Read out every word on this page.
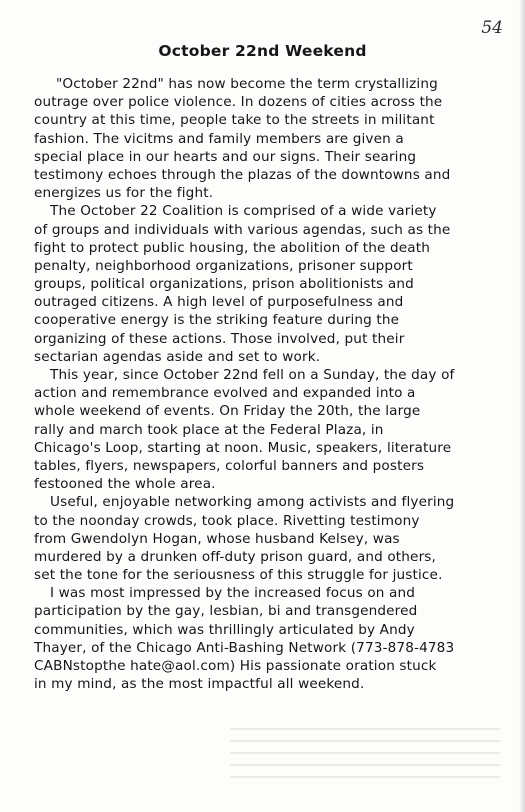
54
October 22nd Weekend
"October 22nd" has now become the term crystallizing
outrage over police violence. In dozens of cities across the
country at this time, people take to the streets in militant
fashion. The vicitms and family members are given a
special place in our hearts and our signs. Their searing
testimony echoes through the plazas of the downtowns and
energizes us for the fight.
The October 22 Coalition is comprised of a wide variety
of groups and individuals with various agendas, such as the
fight to protect public housing, the abolition of the death
penalty, neighborhood organizations, prisoner support
groups, political organizations, prison abolitionists and
outraged citizens. A high level of purposefulness and
cooperative energy is the striking feature during the
organizing of these actions. Those involved, put their
sectarian agendas aside and set to work.
This year, since October 22nd fell on a Sunday, the day of
action and remembrance evolved and expanded into a
whole weekend of events. On Friday the 20th, the large
rally and march took place at the Federal Plaza, in
Chicago's Loop, starting at noon. Music, speakers, literature
tables, flyers, newspapers, colorful banners and posters
festooned the whole area.
Useful, enjoyable networking among activists and flyering
to the noonday crowds, took place. Rivetting testimony
from Gwendolyn Hogan, whose husband Kelsey, was
murdered by a drunken off-duty prison guard, and others,
set the tone for the seriousness of this struggle for justice.
I was most impressed by the increased focus on and
participation by the gay, lesbian, bi and transgendered
communities, which was thrillingly articulated by Andy
Thayer, of the Chicago Anti-Bashing Network (773-878-4783
CABNstopthe hate@aol.com) His passionate oration stuck
in my mind, as the most impactful all weekend.
